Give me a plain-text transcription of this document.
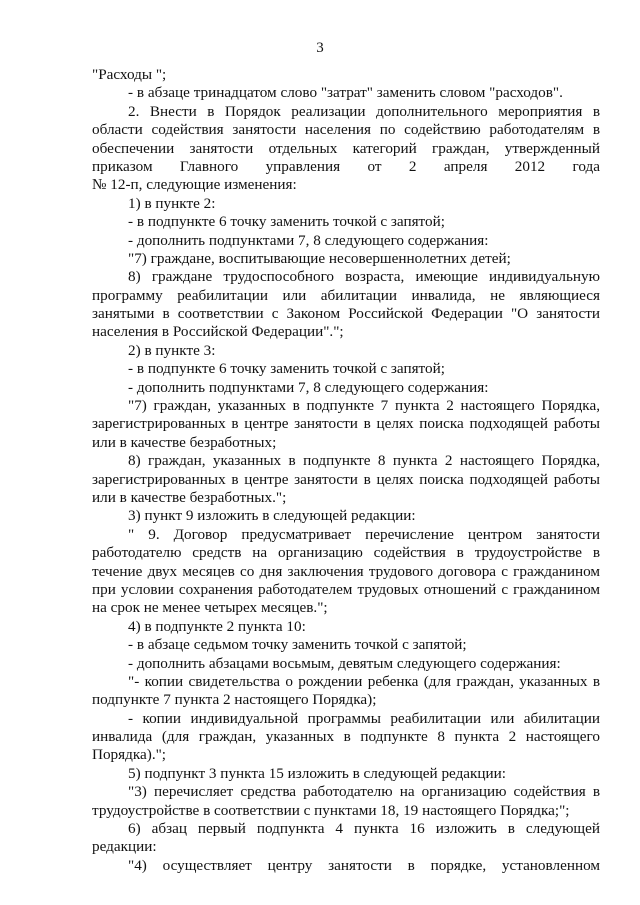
3
"Расходы ";
- в абзаце тринадцатом слово "затрат" заменить словом "расходов".
2. Внести в Порядок реализации дополнительного мероприятия в
области содействия занятости населения по содействию работодателям в
обеспечении занятости отдельных категорий граждан, утвержденный
приказом Главного управления от 2 апреля 2012 года
№ 12-п, следующие изменения:
1) в пункте 2:
- в подпункте 6 точку заменить точкой с запятой;
- дополнить подпунктами 7, 8 следующего содержания:
"7) граждане, воспитывающие несовершеннолетних детей;
8) граждане трудоспособного возраста, имеющие индивидуальную
программу реабилитации или абилитации инвалида, не являющиеся
занятыми в соответствии с Законом Российской Федерации "О занятости
населения в Российской Федерации".";
2) в пункте 3:
- в подпункте 6 точку заменить точкой с запятой;
- дополнить подпунктами 7, 8 следующего содержания:
"7) граждан, указанных в подпункте 7 пункта 2 настоящего Порядка,
зарегистрированных в центре занятости в целях поиска подходящей работы
или в качестве безработных;
8) граждан, указанных в подпункте 8 пункта 2 настоящего Порядка,
зарегистрированных в центре занятости в целях поиска подходящей работы
или в качестве безработных.";
3) пункт 9 изложить в следующей редакции:
" 9. Договор предусматривает перечисление центром занятости
работодателю средств на организацию содействия в трудоустройстве в
течение двух месяцев со дня заключения трудового договора с гражданином
при условии сохранения работодателем трудовых отношений с гражданином
на срок не менее четырех месяцев.";
4) в подпункте 2 пункта 10:
- в абзаце седьмом точку заменить точкой с запятой;
- дополнить абзацами восьмым, девятым следующего содержания:
"- копии свидетельства о рождении ребенка (для граждан, указанных в
подпункте 7 пункта 2 настоящего Порядка);
- копии индивидуальной программы реабилитации или абилитации
инвалида (для граждан, указанных в подпункте 8 пункта 2 настоящего
Порядка).";
5) подпункт 3 пункта 15 изложить в следующей редакции:
"3) перечисляет средства работодателю на организацию содействия в
трудоустройстве в соответствии с пунктами 18, 19 настоящего Порядка;";
6) абзац первый подпункта 4 пункта 16 изложить в следующей
редакции:
"4) осуществляет центру занятости в порядке, установленном
